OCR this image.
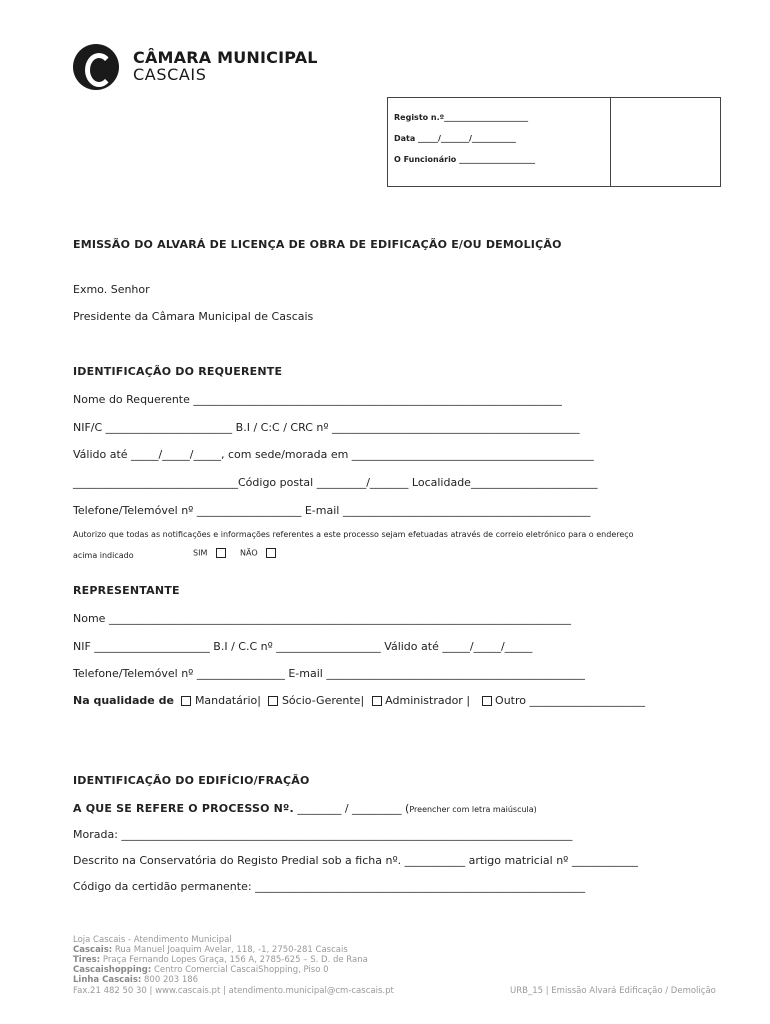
CÂMARA MUNICIPAL
CASCAIS
Registo n.º_____________________
Data _____/_______/___________
O Funcionário ___________________
EMISSÃO DO ALVARÁ DE LICENÇA DE OBRA DE EDIFICAÇÃO E/OU DEMOLIÇÃO
Exmo. Senhor
Presidente da Câmara Municipal de Cascais
IDENTIFICAÇÃO DO REQUERENTE
Nome do Requerente ___________________________________________________________________
NIF/C _______________________ B.I / C:C / CRC nº _____________________________________________
Válido até _____/_____/_____, com sede/morada em ____________________________________________
______________________________Código postal _________/_______ Localidade_______________________
Telefone/Telemóvel nº ___________________ E-mail _____________________________________________
Autorizo que todas as notificações e informações referentes a este processo sejam efetuadas através de correio eletrónico para o endereço
acima indicado	SIM	NÃO
REPRESENTANTE
Nome ____________________________________________________________________________________
NIF _____________________ B.I / C.C nº ___________________ Válido até _____/_____/_____
Telefone/Telemóvel nº ________________ E-mail _______________________________________________
Na qualidade de Mandatário| Sócio-Gerente| Administrador | Outro _____________________
IDENTIFICAÇÃO DO EDIFÍCIO/FRAÇÃO
A QUE SE REFERE O PROCESSO Nº. ________ / _________ (Preencher com letra maiúscula)
Morada: __________________________________________________________________________________
Descrito na Conservatória do Registo Predial sob a ficha nº. ___________ artigo matricial nº ____________
Código da certidão permanente: ____________________________________________________________
Loja Cascais - Atendimento Municipal
Cascais: Rua Manuel Joaquim Avelar, 118, -1, 2750-281 Cascais
Tires: Praça Fernando Lopes Graça, 156 A, 2785-625 – S. D. de Rana
Cascaishopping: Centro Comercial CascaiShopping, Piso 0
Linha Cascais: 800 203 186
Fax.21 482 50 30 | www.cascais.pt | atendimento.municipal@cm-cascais.pt	URB_15 | Emissão Alvará Edificação / Demolição
